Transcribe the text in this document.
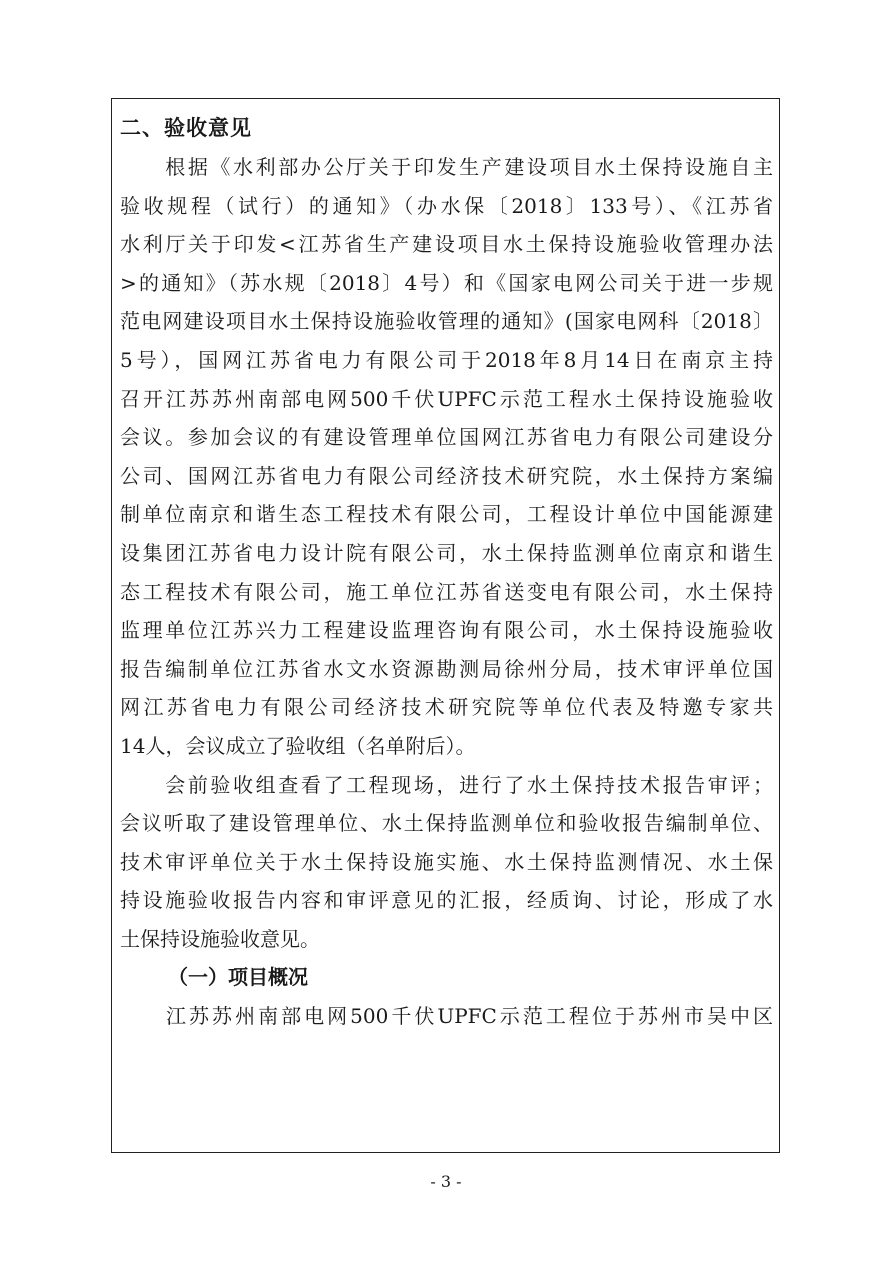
二、验收意见
　　根据《水利部办公厅关于印发生产建设项目水土保持设施自主
验收规程（试行）的通知》（办水保〔2018〕133号）、《江苏省
水利厅关于印发<江苏省生产建设项目水土保持设施验收管理办法
>的通知》（苏水规〔2018〕4号）和《国家电网公司关于进一步规
范电网建设项目水土保持设施验收管理的通知》(国家电网科〔2018〕
5号），国网江苏省电力有限公司于2018年8月14日在南京主持
召开江苏苏州南部电网500千伏UPFC示范工程水土保持设施验收
会议。参加会议的有建设管理单位国网江苏省电力有限公司建设分
公司、国网江苏省电力有限公司经济技术研究院，水土保持方案编
制单位南京和谐生态工程技术有限公司，工程设计单位中国能源建
设集团江苏省电力设计院有限公司，水土保持监测单位南京和谐生
态工程技术有限公司，施工单位江苏省送变电有限公司，水土保持
监理单位江苏兴力工程建设监理咨询有限公司，水土保持设施验收
报告编制单位江苏省水文水资源勘测局徐州分局，技术审评单位国
网江苏省电力有限公司经济技术研究院等单位代表及特邀专家共
14人，会议成立了验收组（名单附后）。
　　会前验收组查看了工程现场，进行了水土保持技术报告审评；
会议听取了建设管理单位、水土保持监测单位和验收报告编制单位、
技术审评单位关于水土保持设施实施、水土保持监测情况、水土保
持设施验收报告内容和审评意见的汇报，经质询、讨论，形成了水
土保持设施验收意见。
（一）项目概况
　　江苏苏州南部电网500千伏UPFC示范工程位于苏州市吴中区
- 3 -
